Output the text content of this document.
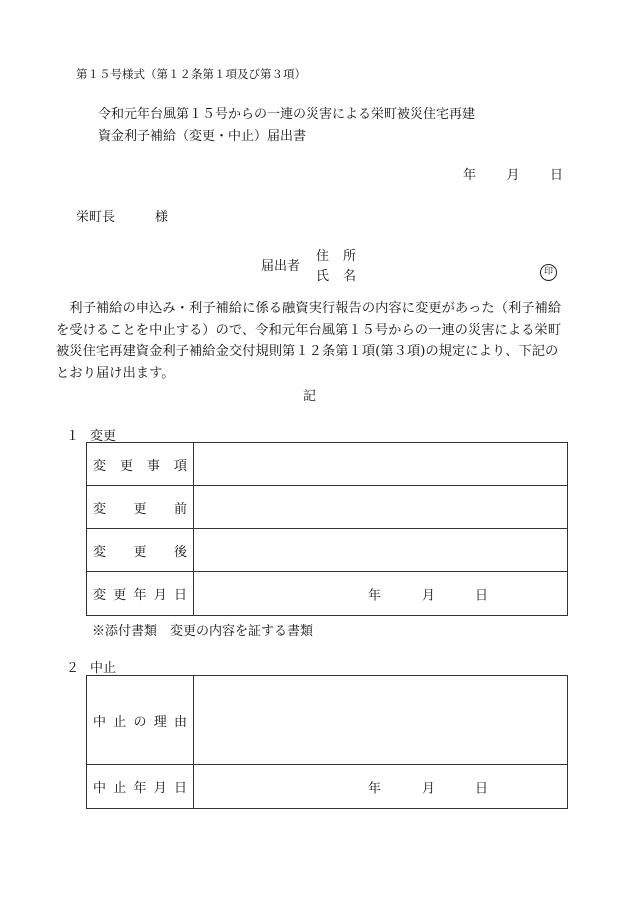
第１５号様式（第１２条第１項及び第３項）
令和元年台風第１５号からの一連の災害による栄町被災住宅再建
資金利子補給（変更・中止）届出書
年 月 日
栄町長	様
届出者
住 所
氏 名	印
　利子補給の申込み・利子補給に係る融資実行報告の内容に変更があった（利子補給を受けることを中止する）ので、令和元年台風第１５号からの一連の災害による栄町被災住宅再建資金利子補給金交付規則第１２条第１項(第３項)の規定により、下記のとおり届け出ます。
記
１ 変更
変 更 事 項	

変 更 前	

変 更 後	

変 更 年 月 日	年 月 日
※添付書類　変更の内容を証する書類
２ 中止
中 止 の 理 由	

中 止 年 月 日	年 月 日
